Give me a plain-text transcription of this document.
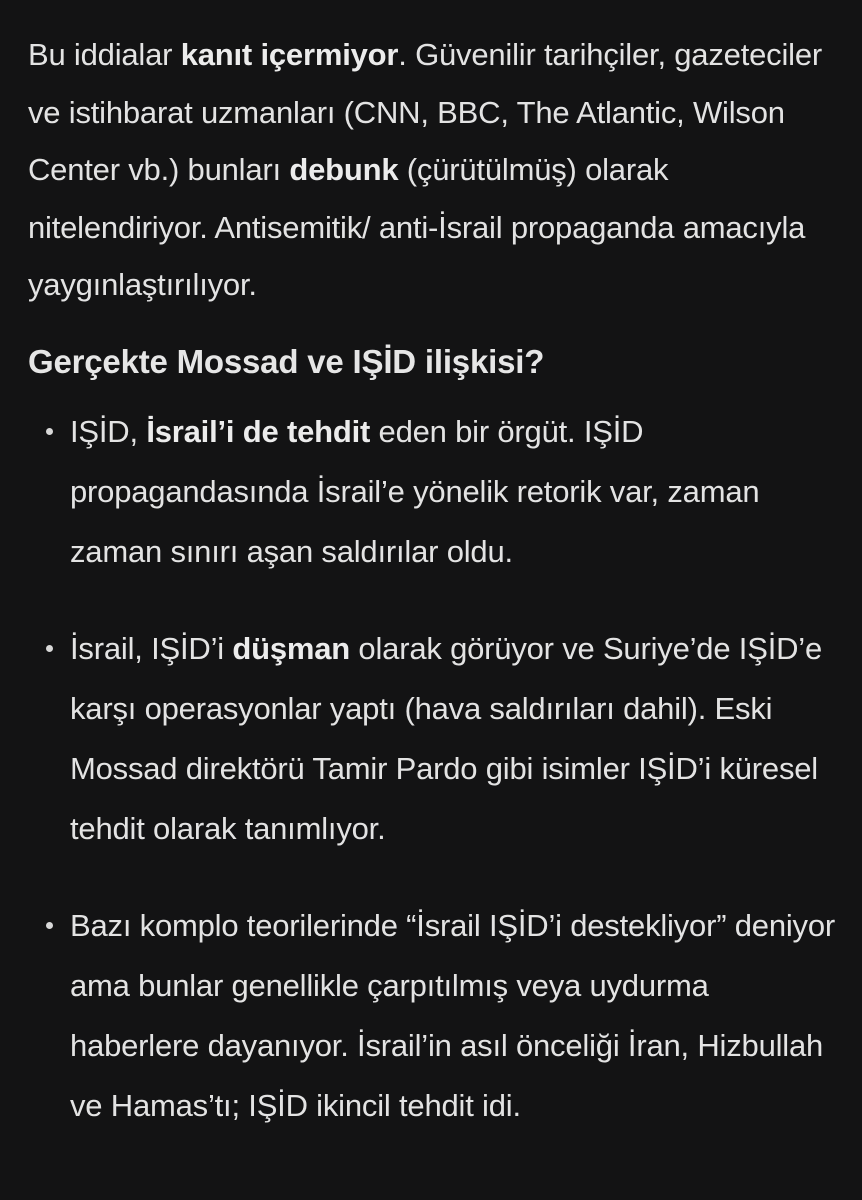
Bu iddialar kanıt içermiyor. Güvenilir tarihçiler, gazeteciler ve istihbarat uzmanları (CNN, BBC, The Atlantic, Wilson Center vb.) bunları debunk (çürütülmüş) olarak nitelendiriyor. Antisemitik/ anti-İsrail propaganda amacıyla yaygınlaştırılıyor.

Gerçekte Mossad ve IŞİD ilişkisi?
IŞİD, İsrail’i de tehdit eden bir örgüt. IŞİD propagandasında İsrail’e yönelik retorik var, zaman zaman sınırı aşan saldırılar oldu.
İsrail, IŞİD’i düşman olarak görüyor ve Suriye’de IŞİD’e karşı operasyonlar yaptı (hava saldırıları dahil). Eski Mossad direktörü Tamir Pardo gibi isimler IŞİD’i küresel tehdit olarak tanımlıyor.
Bazı komplo teorilerinde “İsrail IŞİD’i destekliyor” deniyor ama bunlar genellikle çarpıtılmış veya uydurma haberlere dayanıyor. İsrail’in asıl önceliği İran, Hizbullah ve Hamas’tı; IŞİD ikincil tehdit idi.
